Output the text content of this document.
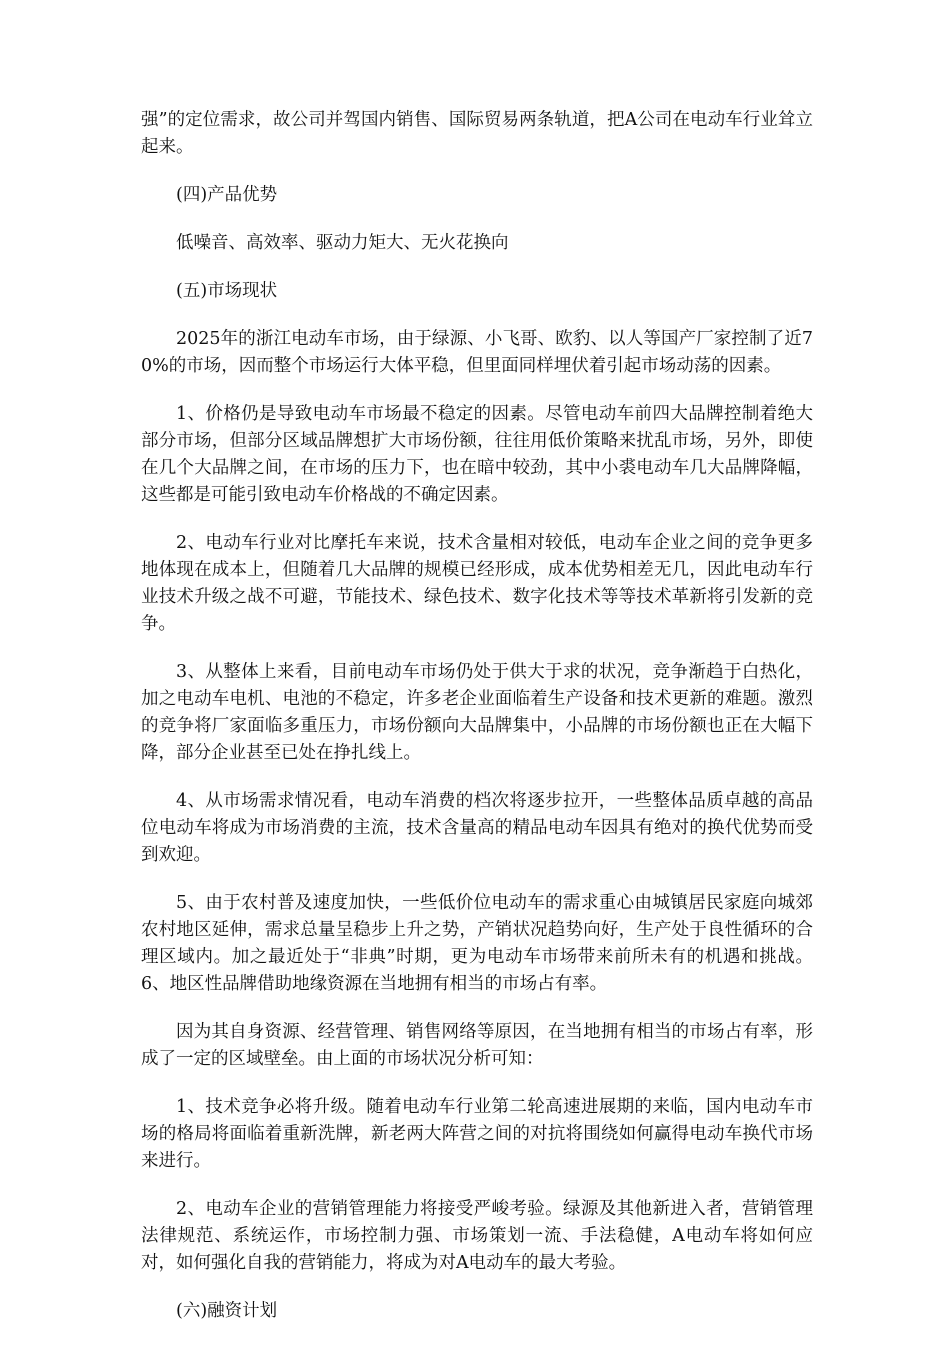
强”的定位需求，故公司并驾国内销售、国际贸易两条轨道，把A公司在电动车行业耸立起来。

(四)产品优势

低噪音、高效率、驱动力矩大、无火花换向

(五)市场现状

2025年的浙江电动车市场，由于绿源、小飞哥、欧豹、以人等国产厂家控制了近70%的市场，因而整个市场运行大体平稳，但里面同样埋伏着引起市场动荡的因素。

1、价格仍是导致电动车市场最不稳定的因素。尽管电动车前四大品牌控制着绝大部分市场，但部分区域品牌想扩大市场份额，往往用低价策略来扰乱市场，另外，即使在几个大品牌之间，在市场的压力下，也在暗中较劲，其中小裘电动车几大品牌降幅，这些都是可能引致电动车价格战的不确定因素。

2、电动车行业对比摩托车来说，技术含量相对较低，电动车企业之间的竞争更多地体现在成本上，但随着几大品牌的规模已经形成，成本优势相差无几，因此电动车行业技术升级之战不可避，节能技术、绿色技术、数字化技术等等技术革新将引发新的竞争。

3、从整体上来看，目前电动车市场仍处于供大于求的状况，竞争渐趋于白热化，加之电动车电机、电池的不稳定，许多老企业面临着生产设备和技术更新的难题。激烈的竞争将厂家面临多重压力，市场份额向大品牌集中，小品牌的市场份额也正在大幅下降，部分企业甚至已处在挣扎线上。

4、从市场需求情况看，电动车消费的档次将逐步拉开，一些整体品质卓越的高品位电动车将成为市场消费的主流，技术含量高的精品电动车因具有绝对的换代优势而受到欢迎。

5、由于农村普及速度加快，一些低价位电动车的需求重心由城镇居民家庭向城郊农村地区延伸，需求总量呈稳步上升之势，产销状况趋势向好，生产处于良性循环的合理区域内。加之最近处于“非典”时期，更为电动车市场带来前所未有的机遇和挑战。 6、地区性品牌借助地缘资源在当地拥有相当的市场占有率。

因为其自身资源、经营管理、销售网络等原因，在当地拥有相当的市场占有率，形成了一定的区域壁垒。由上面的市场状况分析可知：

1、技术竞争必将升级。随着电动车行业第二轮高速进展期的来临，国内电动车市场的格局将面临着重新洗牌，新老两大阵营之间的对抗将围绕如何赢得电动车换代市场来进行。

2、电动车企业的营销管理能力将接受严峻考验。绿源及其他新进入者，营销管理法律规范、系统运作，市场控制力强、市场策划一流、手法稳健，A电动车将如何应对，如何强化自我的营销能力，将成为对A电动车的最大考验。

(六)融资计划
